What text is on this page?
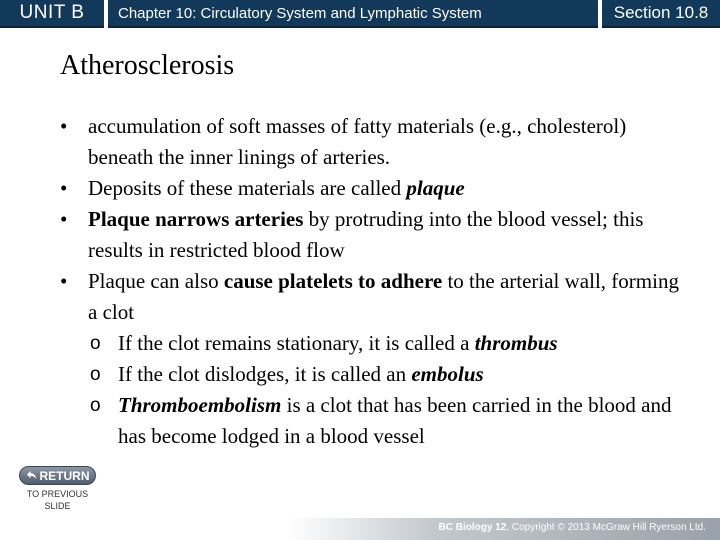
UNIT B	Chapter 10: Circulatory System and Lymphatic System	Section 10.8
Atherosclerosis
• accumulation of soft masses of fatty materials (e.g., cholesterol) beneath the inner linings of arteries.
• Deposits of these materials are called plaque
• Plaque narrows arteries by protruding into the blood vessel; this results in restricted blood flow
• Plaque can also cause platelets to adhere to the arterial wall, forming a clot
o If the clot remains stationary, it is called a thrombus
o If the clot dislodges, it is called an embolus
o Thromboembolism is a clot that has been carried in the blood and has become lodged in a blood vessel
RETURN
TO PREVIOUS SLIDE
BC Biology 12, Copyright © 2013 McGraw Hill Ryerson Ltd.
